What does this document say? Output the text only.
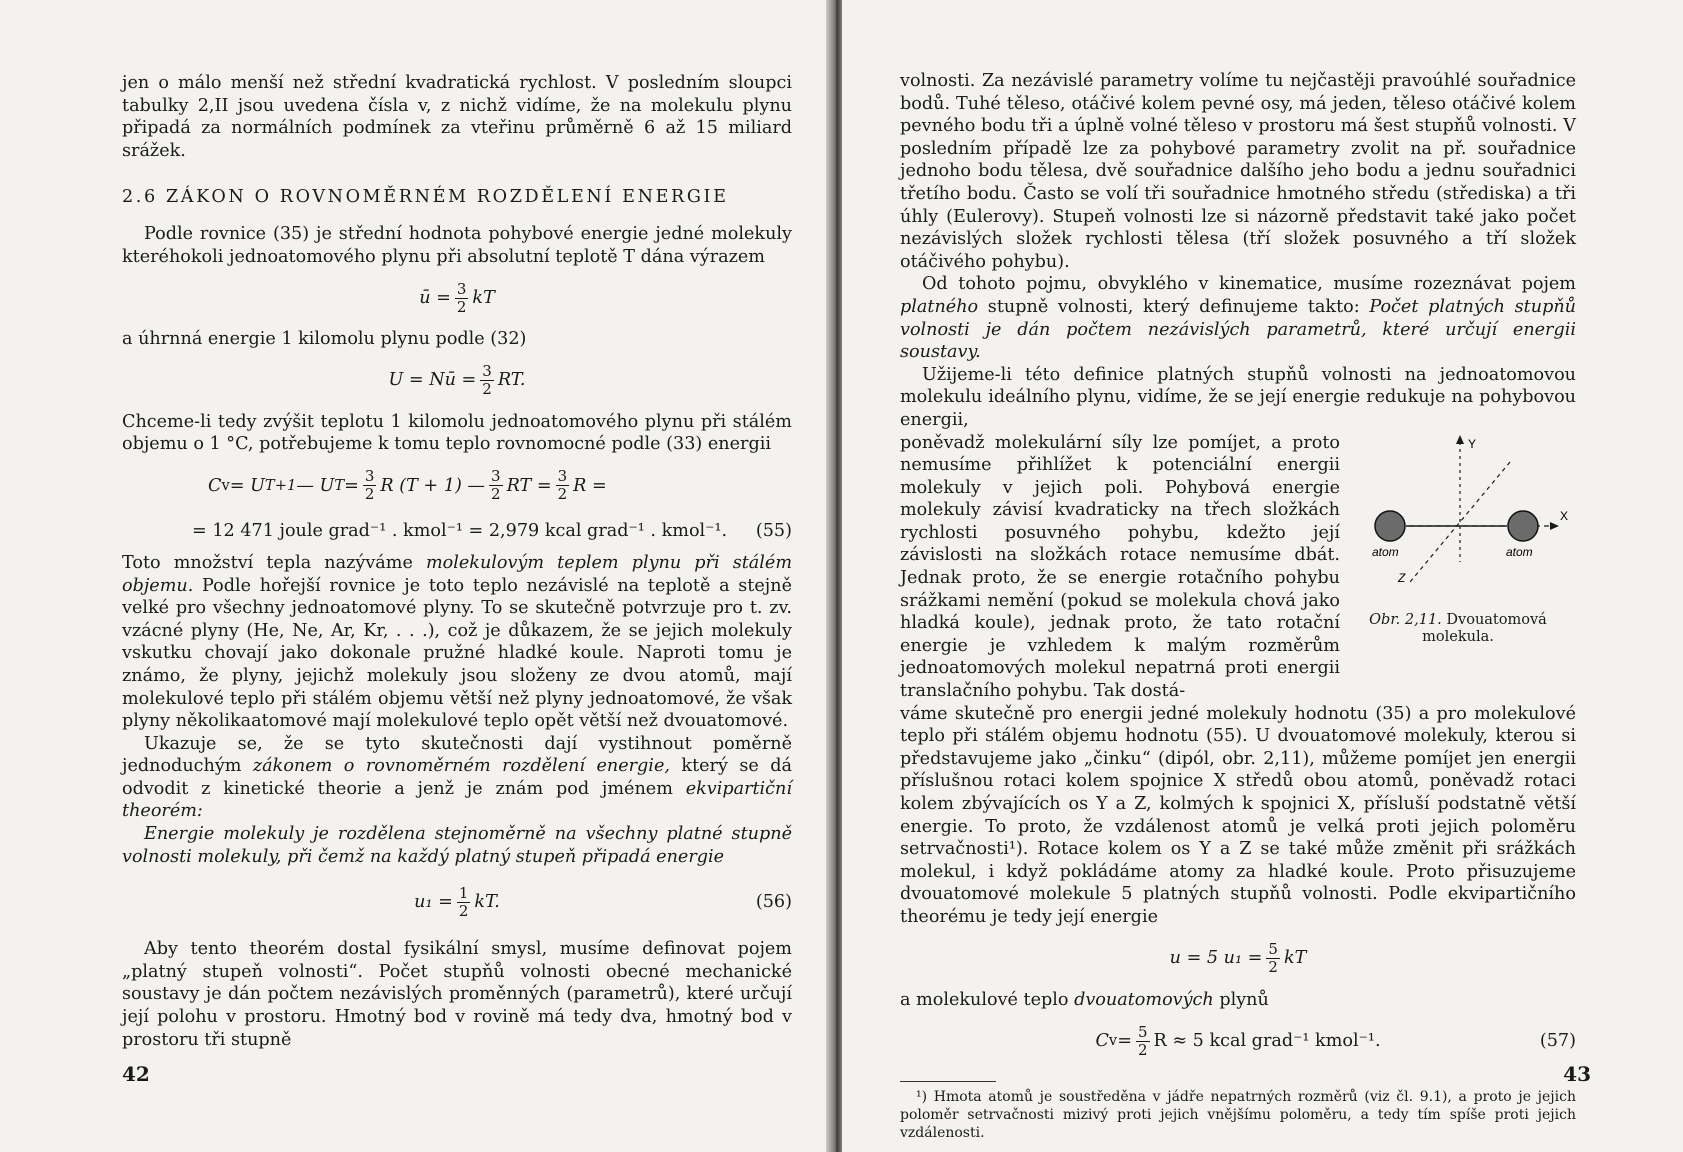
jen o málo menší než střední kvadratická rychlost. V posledním sloupci tabulky 2,II jsou uvedena čísla v, z nichž vidíme, že na molekulu plynu připadá za normálních podmínek za vteřinu průměrně 6 až 15 miliard srážek.

2.6 ZÁKON O ROVNOMĚRNÉM ROZDĚLENÍ ENERGIE

Podle rovnice (35) je střední hodnota pohybové energie jedné molekuly kteréhokoli jednoatomového plynu při absolutní teplotě T dána výrazem

ū = $\frac{3}{2}$ kT

a úhrnná energie 1 kilomolu plynu podle (32)

U = Nū = $\frac{3}{2}$ RT.

Chceme-li tedy zvýšit teplotu 1 kilomolu jednoatomového plynu při stálém objemu o 1 °C, potřebujeme k tomu teplo rovnomocné podle (33) energii

C v = U T+1 — U $T = \frac{3}{2}$ R (T + 1) — $\frac{3}{2}$ RT = $\frac{3}{2}$ R =
= 12 471 joule grad⁻¹ . kmol⁻¹ = 2,979 kcal grad⁻¹ . kmol⁻¹. (55)

Toto množství tepla nazýváme molekulovým teplem plynu při stálém objemu. Podle hořejší rovnice je toto teplo nezávislé na teplotě a stejně velké pro všechny jednoatomové plyny. To se skutečně potvrzuje pro t. zv. vzácné plyny (He, Ne, Ar, Kr, . . .), což je důkazem, že se jejich molekuly vskutku chovají jako dokonale pružné hladké koule. Naproti tomu je známo, že plyny, jejichž molekuly jsou složeny ze dvou atomů, mají molekulové teplo při stálém objemu větší než plyny jednoatomové, že však plyny několikaatomové mají molekulové teplo opět větší než dvouatomové.

Ukazuje se, že se tyto skutečnosti dají vystihnout poměrně jednoduchým zákonem o rovnoměrném rozdělení energie, který se dá odvodit z kinetické theorie a jenž je znám pod jménem ekvipartiční theorém:

Energie molekuly je rozdělena stejnoměrně na všechny platné stupně volnosti molekuly, při čemž na každý platný stupeň připadá energie

$u_1 = \frac{1}{2}$ kT.	(56)

Aby tento theorém dostal fysikální smysl, musíme definovat pojem „platný stupeň volnosti“. Počet stupňů volnosti obecné mechanické soustavy je dán počtem nezávislých proměnných (parametrů), které určují její polohu v prostoru. Hmotný bod v rovině má tedy dva, hmotný bod v prostoru tři stupně

42

volnosti. Za nezávislé parametry volíme tu nejčastěji pravoúhlé souřadnice bodů. Tuhé těleso, otáčivé kolem pevné osy, má jeden, těleso otáčivé kolem pevného bodu tři a úplně volné těleso v prostoru má šest stupňů volnosti. V posledním případě lze za pohybové parametry zvolit na př. souřadnice jednoho bodu tělesa, dvě souřadnice dalšího jeho bodu a jednu souřadnici třetího bodu. Často se volí tři souřadnice hmotného středu (střediska) a tři úhly (Eulerovy). Stupeň volnosti lze si názorně představit také jako počet nezávislých složek rychlosti tělesa (tří složek posuvného a tří složek otáčivého pohybu).

Od tohoto pojmu, obvyklého v kinematice, musíme rozeznávat pojem platného stupně volnosti, který definujeme takto: Počet platných stupňů volnosti je dán počtem nezávislých parametrů, které určují energii soustavy.

Užijeme-li této definice platných stupňů volnosti na jednoatomovou molekulu ideálního plynu, vidíme, že se její energie redukuje na pohybovou energii,

poněvadž molekulární síly lze pomíjet, a proto nemusíme přihlížet k potenciální energii molekuly v jejich poli. Pohybová energie molekuly závisí kvadraticky na třech složkách rychlosti posuvného pohybu, kdežto její závislosti na složkách rotace nemusíme dbát. Jednak proto, že se energie rotačního pohybu srážkami nemění (pokud se molekula chová jako hladká koule), jednak proto, že tato rotační energie je vzhledem k malým rozměrům jednoatomových molekul nepatrná proti energii translačního pohybu. Tak dostá-

Y
X
Z
atom	atom
Obr. 2,11. Dvouatomová molekula.

váme skutečně pro energii jedné molekuly hodnotu (35) a pro molekulové teplo při stálém objemu hodnotu (55). U dvouatomové molekuly, kterou si představujeme jako „činku“ (dipól, obr. 2,11), můžeme pomíjet jen energii příslušnou rotaci kolem spojnice X středů obou atomů, poněvadž rotaci kolem zbývajících os Y a Z, kolmých k spojnici X, přísluší podstatně větší energie. To proto, že vzdálenost atomů je velká proti jejich poloměru setrvačnosti¹). Rotace kolem os Y a Z se také může změnit při srážkách molekul, i když pokládáme atomy za hladké koule. Proto přisuzujeme dvouatomové molekule 5 platných stupňů volnosti. Podle ekvipartičního theorému je tedy její energie

u = 5 $u_1 = \frac{5}{2}$ kT

a molekulové teplo dvouatomových plynů

C $v = \frac{5}{2}$ R ≈ 5 kcal grad⁻¹ kmol⁻¹.	(57)

¹) Hmota atomů je soustředěna v jádře nepatrných rozměrů (viz čl. 9.1), a proto je jejich poloměr setrvačnosti mizivý proti jejich vnějšímu poloměru, a tedy tím spíše proti jejich vzdálenosti.

43
